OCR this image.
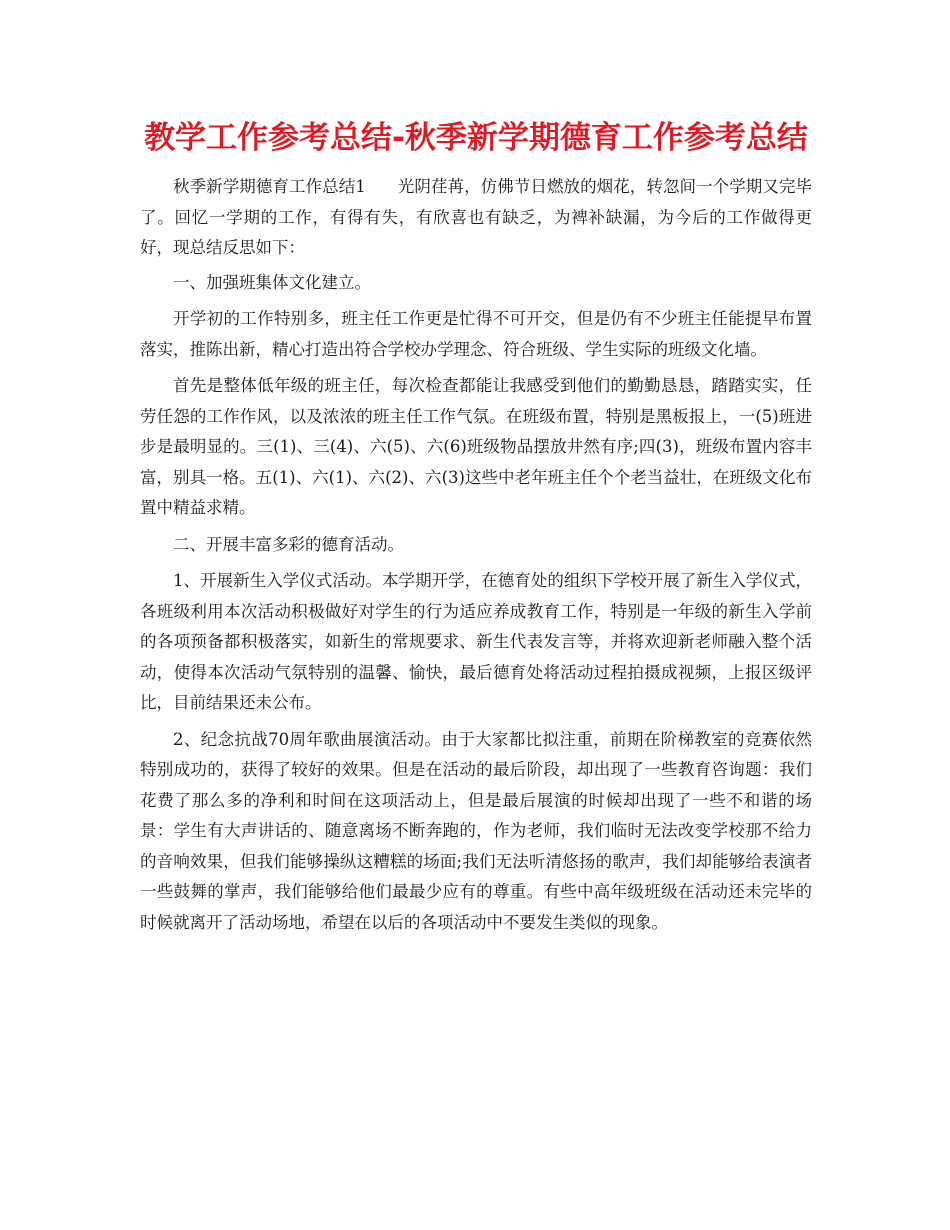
教学工作参考总结-秋季新学期德育工作参考总结

秋季新学期德育工作总结1 光阴荏苒，仿佛节日燃放的烟花，转忽间一个学期又完毕了。回忆一学期的工作，有得有失，有欣喜也有缺乏，为裨补缺漏，为今后的工作做得更好，现总结反思如下：

一、加强班集体文化建立。

开学初的工作特别多，班主任工作更是忙得不可开交，但是仍有不少班主任能提早布置落实，推陈出新，精心打造出符合学校办学理念、符合班级、学生实际的班级文化墙。

首先是整体低年级的班主任，每次检查都能让我感受到他们的勤勤恳恳，踏踏实实，任劳任怨的工作作风，以及浓浓的班主任工作气氛。在班级布置，特别是黑板报上，一(5)班进步是最明显的。三(1)、三(4)、六(5)、六(6)班级物品摆放井然有序;四(3)，班级布置内容丰富，别具一格。五(1)、六(1)、六(2)、六(3)这些中老年班主任个个老当益壮，在班级文化布置中精益求精。

二、开展丰富多彩的德育活动。

1、开展新生入学仪式活动。本学期开学，在德育处的组织下学校开展了新生入学仪式，各班级利用本次活动积极做好对学生的行为适应养成教育工作，特别是一年级的新生入学前的各项预备都积极落实，如新生的常规要求、新生代表发言等，并将欢迎新老师融入整个活动，使得本次活动气氛特别的温馨、愉快，最后德育处将活动过程拍摄成视频，上报区级评比，目前结果还未公布。

2、纪念抗战70周年歌曲展演活动。由于大家都比拟注重，前期在阶梯教室的竞赛依然特别成功的，获得了较好的效果。但是在活动的最后阶段，却出现了一些教育咨询题：我们花费了那么多的净利和时间在这项活动上，但是最后展演的时候却出现了一些不和谐的场景：学生有大声讲话的、随意离场不断奔跑的，作为老师，我们临时无法改变学校那不给力的音响效果，但我们能够操纵这糟糕的场面;我们无法听清悠扬的歌声，我们却能够给表演者一些鼓舞的掌声，我们能够给他们最最少应有的尊重。有些中高年级班级在活动还未完毕的时候就离开了活动场地，希望在以后的各项活动中不要发生类似的现象。
